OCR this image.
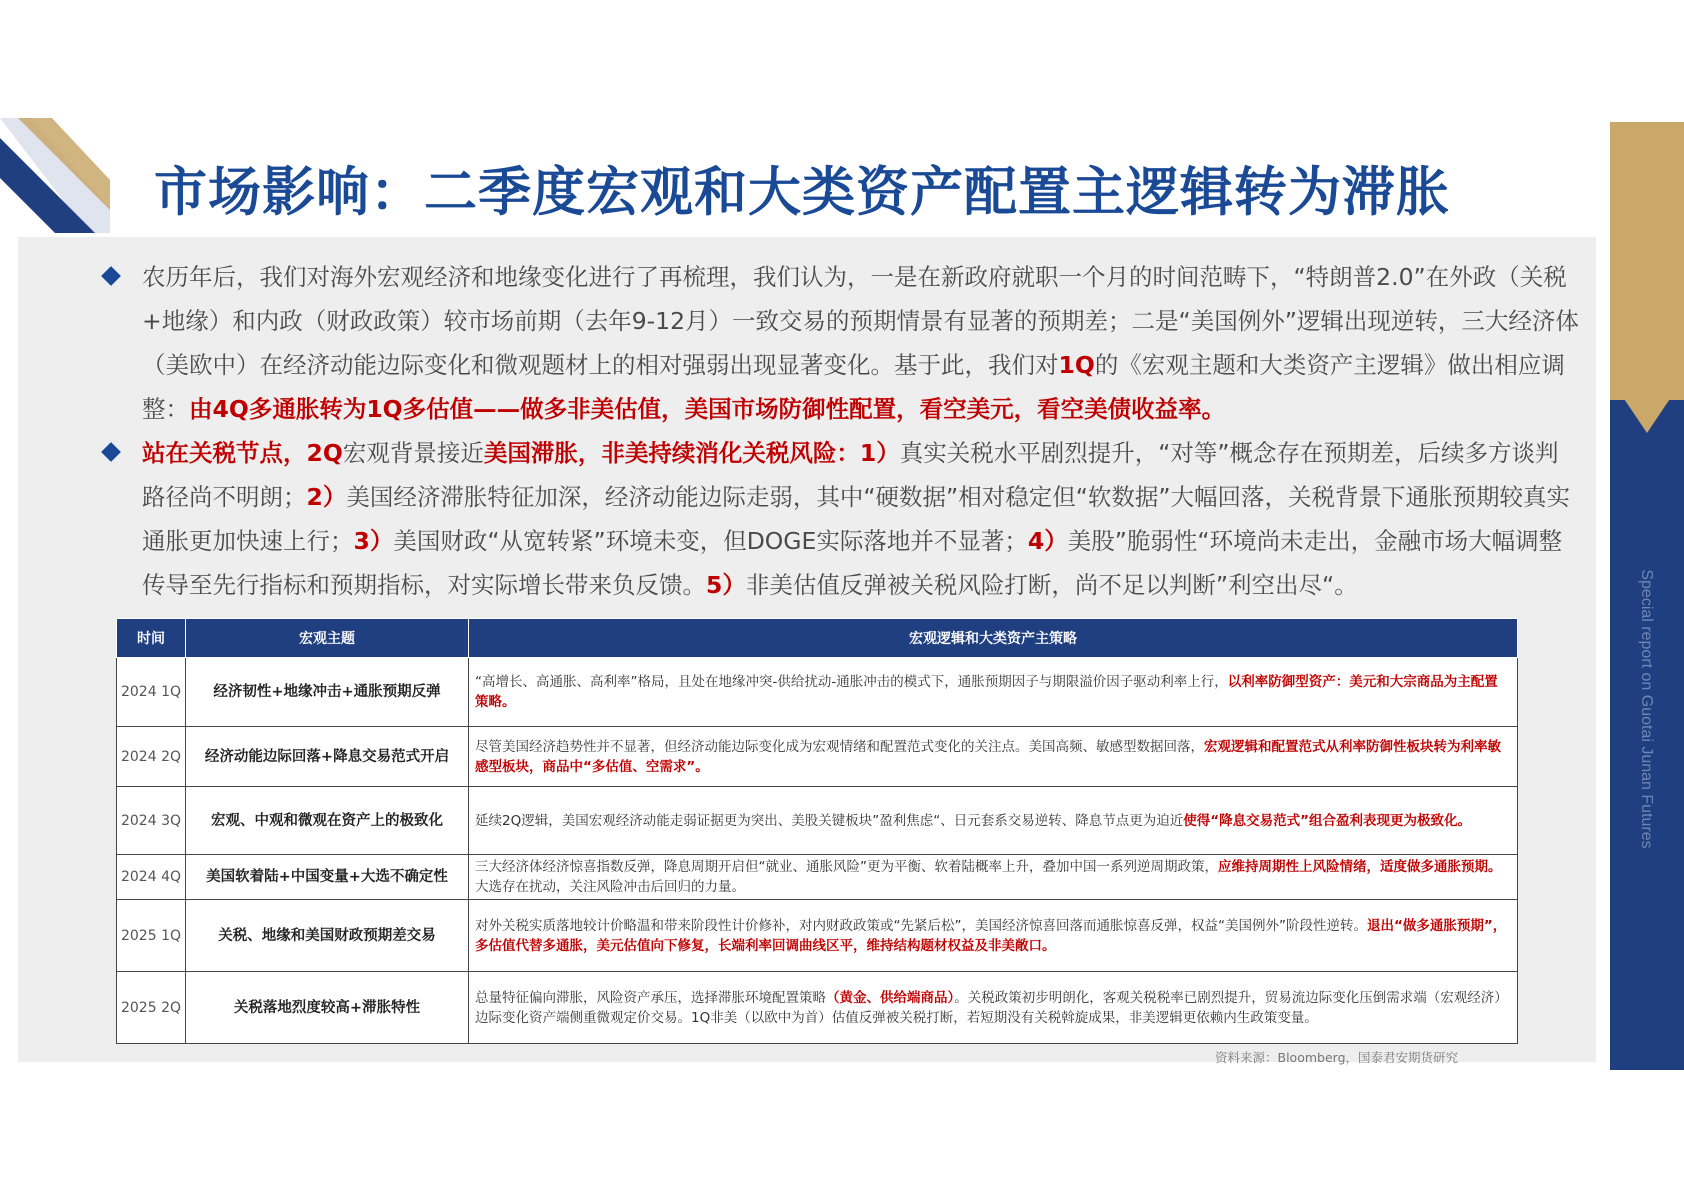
Special report on Guotai Junan Futures
市场影响：二季度宏观和大类资产配置主逻辑转为滞胀
农历年后，我们对海外宏观经济和地缘变化进行了再梳理，我们认为，一是在新政府就职一个月的时间范畴下，“特朗普2.0”在外政（关税+地缘）和内政（财政政策）较市场前期（去年9-12月）一致交易的预期情景有显著的预期差；二是“美国例外”逻辑出现逆转，三大经济体（美欧中）在经济动能边际变化和微观题材上的相对强弱出现显著变化。基于此，我们对1Q的《宏观主题和大类资产主逻辑》做出相应调整：由4Q多通胀转为1Q多估值——做多非美估值，美国市场防御性配置，看空美元，看空美债收益率。
站在关税节点，2Q宏观背景接近美国滞胀，非美持续消化关税风险：1）真实关税水平剧烈提升，“对等”概念存在预期差，后续多方谈判路径尚不明朗；2）美国经济滞胀特征加深，经济动能边际走弱，其中“硬数据”相对稳定但“软数据”大幅回落，关税背景下通胀预期较真实通胀更加快速上行；3）美国财政“从宽转紧”环境未变，但DOGE实际落地并不显著；4）美股”脆弱性“环境尚未走出，金融市场大幅调整传导至先行指标和预期指标，对实际增长带来负反馈。5）非美估值反弹被关税风险打断，尚不足以判断”利空出尽“。
时间	宏观主题	宏观逻辑和大类资产主策略
2024 1Q	经济韧性+地缘冲击+通胀预期反弹	“高增长、高通胀、高利率”格局，且处在地缘冲突-供给扰动-通胀冲击的模式下，通胀预期因子与期限溢价因子驱动利率上行，以利率防御型资产：美元和大宗商品为主配置策略。
2024 2Q	经济动能边际回落+降息交易范式开启	尽管美国经济趋势性并不显著，但经济动能边际变化成为宏观情绪和配置范式变化的关注点。美国高频、敏感型数据回落，宏观逻辑和配置范式从利率防御性板块转为利率敏感型板块，商品中“多估值、空需求”。
2024 3Q	宏观、中观和微观在资产上的极致化	延续2Q逻辑，美国宏观经济动能走弱证据更为突出、美股关键板块”盈利焦虑“、日元套系交易逆转、降息节点更为迫近使得“降息交易范式”组合盈利表现更为极致化。
2024 4Q	美国软着陆+中国变量+大选不确定性	三大经济体经济惊喜指数反弹，降息周期开启但“就业、通胀风险”更为平衡、软着陆概率上升，叠加中国一系列逆周期政策，应维持周期性上风险情绪，适度做多通胀预期。大选存在扰动，关注风险冲击后回归的力量。
2025 1Q	关税、地缘和美国财政预期差交易	对外关税实质落地较计价略温和带来阶段性计价修补，对内财政政策或“先紧后松”，美国经济惊喜回落而通胀惊喜反弹，权益“美国例外”阶段性逆转。退出“做多通胀预期”，多估值代替多通胀，美元估值向下修复，长端利率回调曲线区平，维持结构题材权益及非美敞口。
2025 2Q	关税落地烈度较高+滞胀特性	总量特征偏向滞胀，风险资产承压，选择滞胀环境配置策略（黄金、供给端商品）。关税政策初步明朗化，客观关税税率已剧烈提升，贸易流边际变化压倒需求端（宏观经济）边际变化资产端侧重微观定价交易。1Q非美（以欧中为首）估值反弹被关税打断，若短期没有关税斡旋成果，非美逻辑更依赖内生政策变量。
资料来源：Bloomberg，国泰君安期货研究
